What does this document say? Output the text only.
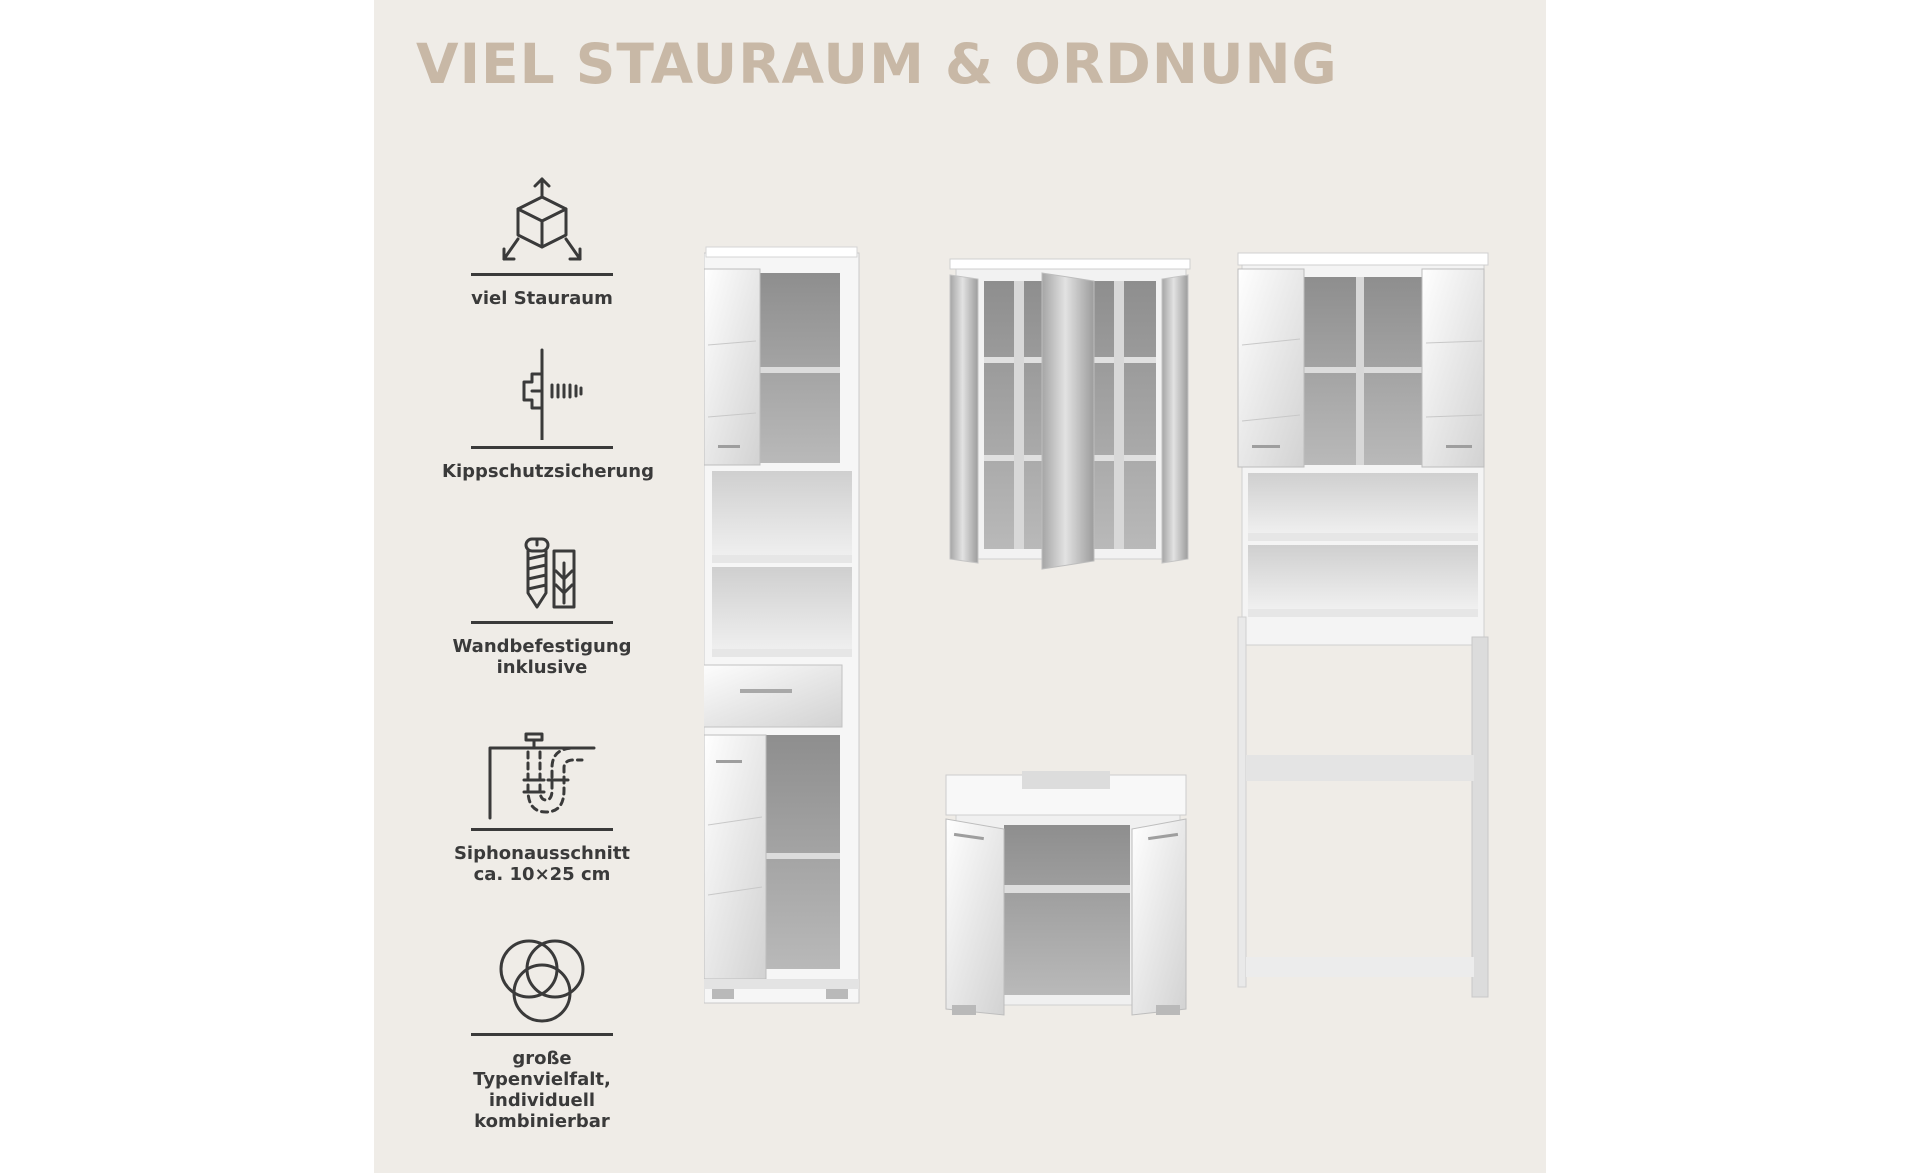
VIEL STAURAUM & ORDNUNG
viel Stauraum
Kippschutzsicherung
Wandbefestigung
inklusive
Siphonausschnitt
ca. 10×25 cm
große Typenvielfalt,
individuell kombinierbar
